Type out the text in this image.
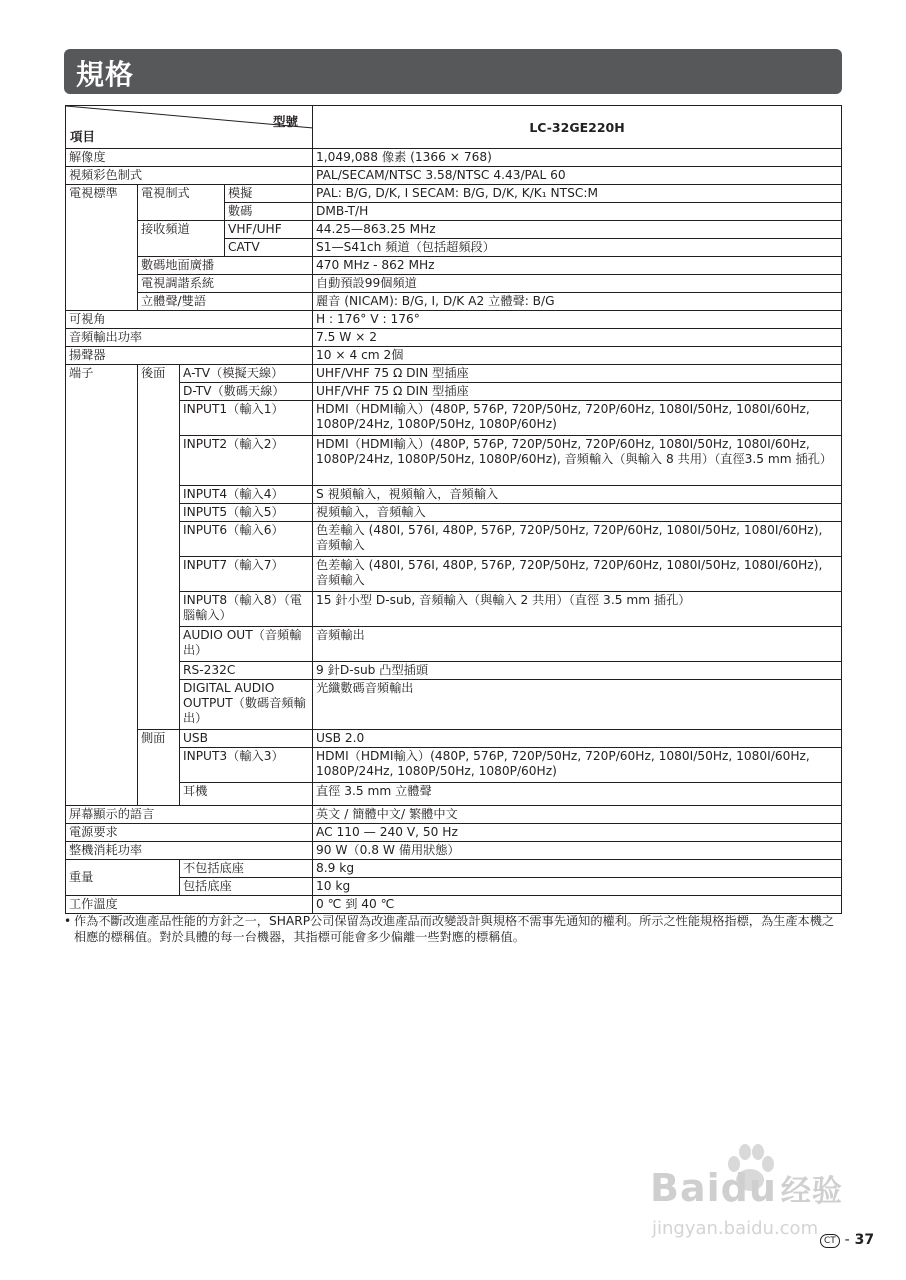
規格
型號
項目				LC-32GE220H
解像度				1,049,088 像素 (1366 × 768)
視頻彩色制式				PAL/SECAM/NTSC 3.58/NTSC 4.43/PAL 60
電視標準	電視制式		模擬	PAL: B/G, D/K, I SECAM: B/G, D/K, K/K₁ NTSC:M
			數碼	DMB-T/H
	接收頻道		VHF/UHF	44.25—863.25 MHz
			CATV	S1—S41ch 頻道（包括超頻段）
	數碼地面廣播			470 MHz - 862 MHz
	電視調諧系統			自動預設99個頻道
	立體聲/雙語			麗音 (NICAM): B/G, I, D/K A2 立體聲: B/G
可視角				H : 176° V : 176°
音頻輸出功率				7.5 W × 2
揚聲器				10 × 4 cm 2個
端子	後面	A-TV（模擬天線）		UHF/VHF 75 Ω DIN 型插座
		D-TV（數碼天線）		UHF/VHF 75 Ω DIN 型插座
		INPUT1（輸入1）		HDMI（HDMI輸入）(480P, 576P, 720P/50Hz, 720P/60Hz, 1080I/50Hz, 1080I/60Hz, 1080P/24Hz, 1080P/50Hz, 1080P/60Hz)
		INPUT2（輸入2）		HDMI（HDMI輸入）(480P, 576P, 720P/50Hz, 720P/60Hz, 1080I/50Hz, 1080I/60Hz, 1080P/24Hz, 1080P/50Hz, 1080P/60Hz), 音頻輸入（與輸入 8 共用）（直徑3.5 mm 插孔）
		INPUT4（輸入4）		S 視頻輸入，視頻輸入，音頻輸入
		INPUT5（輸入5）		視頻輸入，音頻輸入
		INPUT6（輸入6）		色差輸入 (480I, 576I, 480P, 576P, 720P/50Hz, 720P/60Hz, 1080I/50Hz, 1080I/60Hz), 音頻輸入
		INPUT7（輸入7）		色差輸入 (480I, 576I, 480P, 576P, 720P/50Hz, 720P/60Hz, 1080I/50Hz, 1080I/60Hz), 音頻輸入
		INPUT8（輸入8）（電腦輸入）		15 針小型 D-sub, 音頻輸入（與輸入 2 共用）（直徑 3.5 mm 插孔）
		AUDIO OUT（音頻輸出）		音頻輸出
		RS-232C		9 針D-sub 凸型插頭
		DIGITAL AUDIO OUTPUT（數碼音頻輸出）		光纖數碼音頻輸出
	側面	USB		USB 2.0
		INPUT3（輸入3）		HDMI（HDMI輸入）(480P, 576P, 720P/50Hz, 720P/60Hz, 1080I/50Hz, 1080I/60Hz, 1080P/24Hz, 1080P/50Hz, 1080P/60Hz)
		耳機		直徑 3.5 mm 立體聲
屏幕顯示的語言				英文 / 簡體中文/ 繁體中文
電源要求				AC 110 — 240 V, 50 Hz
整機消耗功率				90 W（0.8 W 備用狀態）
重量		不包括底座		8.9 kg
		包括底座		10 kg
工作溫度				0 ℃ 到 40 ℃
• 作為不斷改進產品性能的方針之一，SHARP公司保留為改進產品而改變設計與規格不需事先通知的權利。所示之性能規格指標，為生產本機之相應的標稱值。對於具體的每一台機器，其指標可能會多少偏離一些對應的標稱值。
Baidu 经验
jingyan.baidu.com
CT - 37
